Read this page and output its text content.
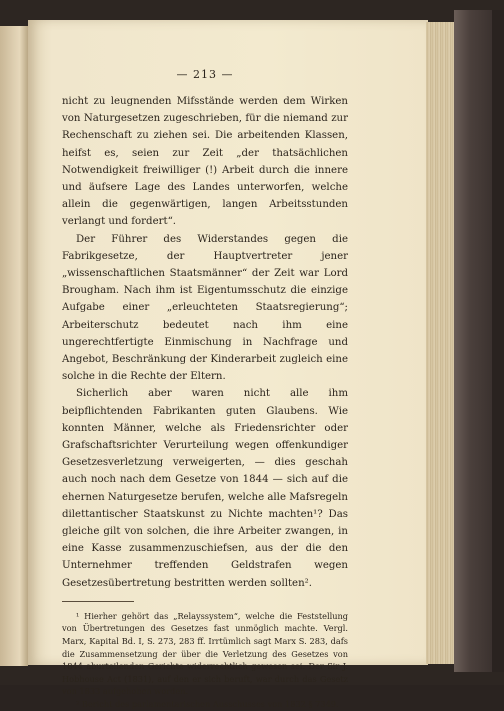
— 213 —

nicht zu leugnenden Mifsstände werden dem Wirken von Naturgesetzen zugeschrieben, für die niemand zur Rechenschaft zu ziehen sei. Die arbeitenden Klassen, heifst es, seien zur Zeit „der thatsächlichen Notwendigkeit freiwilliger (!) Arbeit durch die innere und äufsere Lage des Landes unterworfen, welche allein die gegenwärtigen, langen Arbeitsstunden verlangt und fordert“.

Der Führer des Widerstandes gegen die Fabrikgesetze, der Hauptvertreter jener „wissenschaftlichen Staatsmänner“ der Zeit war Lord Brougham. Nach ihm ist Eigentumsschutz die einzige Aufgabe einer „erleuchteten Staatsregierung“; Arbeiterschutz bedeutet nach ihm eine ungerechtfertigte Einmischung in Nachfrage und Angebot, Beschränkung der Kinderarbeit zugleich eine solche in die Rechte der Eltern.

Sicherlich aber waren nicht alle ihm beipflichtenden Fabrikanten guten Glaubens. Wie konnten Männer, welche als Friedensrichter oder Grafschaftsrichter Verurteilung wegen offenkundiger Gesetzesverletzung verweigerten, — dies geschah auch noch nach dem Gesetze von 1844 — sich auf die ehernen Naturgesetze berufen, welche alle Mafsregeln dilettantischer Staatskunst zu Nichte machten¹? Das gleiche gilt von solchen, die ihre Arbeiter zwangen, in eine Kasse zusammenzuschiefsen, aus der die den Unternehmer treffenden Geldstrafen wegen Gesetzesübertretung bestritten werden sollten².

¹ Hierher gehört das „Relayssystem“, welche die Feststellung von Übertretungen des Gesetzes fast unmöglich machte. Vergl. Marx, Kapital Bd. I, S. 273, 283 ff. Irrtümlich sagt Marx S. 283, dafs die Zusammensetzung der über die Verletzung des Gesetzes von 1844 aburteilenden Gerichte widerrechtlich gewesen sei. Der Sir J. Hobhouse Act (1831), auf den er sich beruft, war durch das Gesetz von 1833 aufgehoben worden.

² Bericht des parlamentarischen Ausschusses von 1832 § 7349.
